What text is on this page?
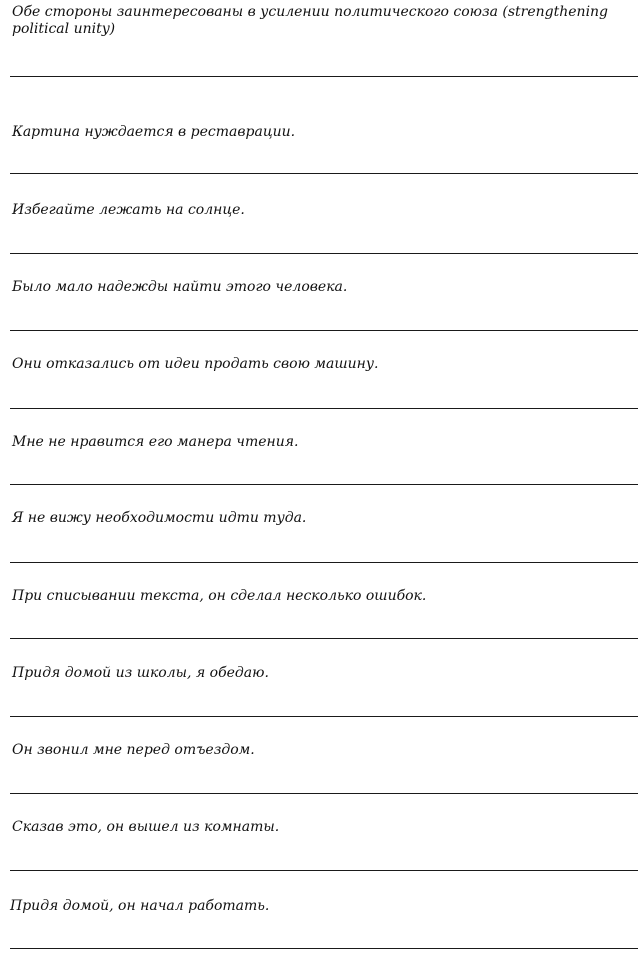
Обе стороны заинтересованы в усилении политического союза (strengthening political unity)

Картина нуждается в реставрации.

Избегайте лежать на солнце.

Было мало надежды найти этого человека.

Они отказались от идеи продать свою машину.

Мне не нравится его манера чтения.

Я не вижу необходимости идти туда.

При списывании текста, он сделал несколько ошибок.

Придя домой из школы, я обедаю.

Он звонил мне перед отъездом.

Сказав это, он вышел из комнаты.

Придя домой, он начал работать.
